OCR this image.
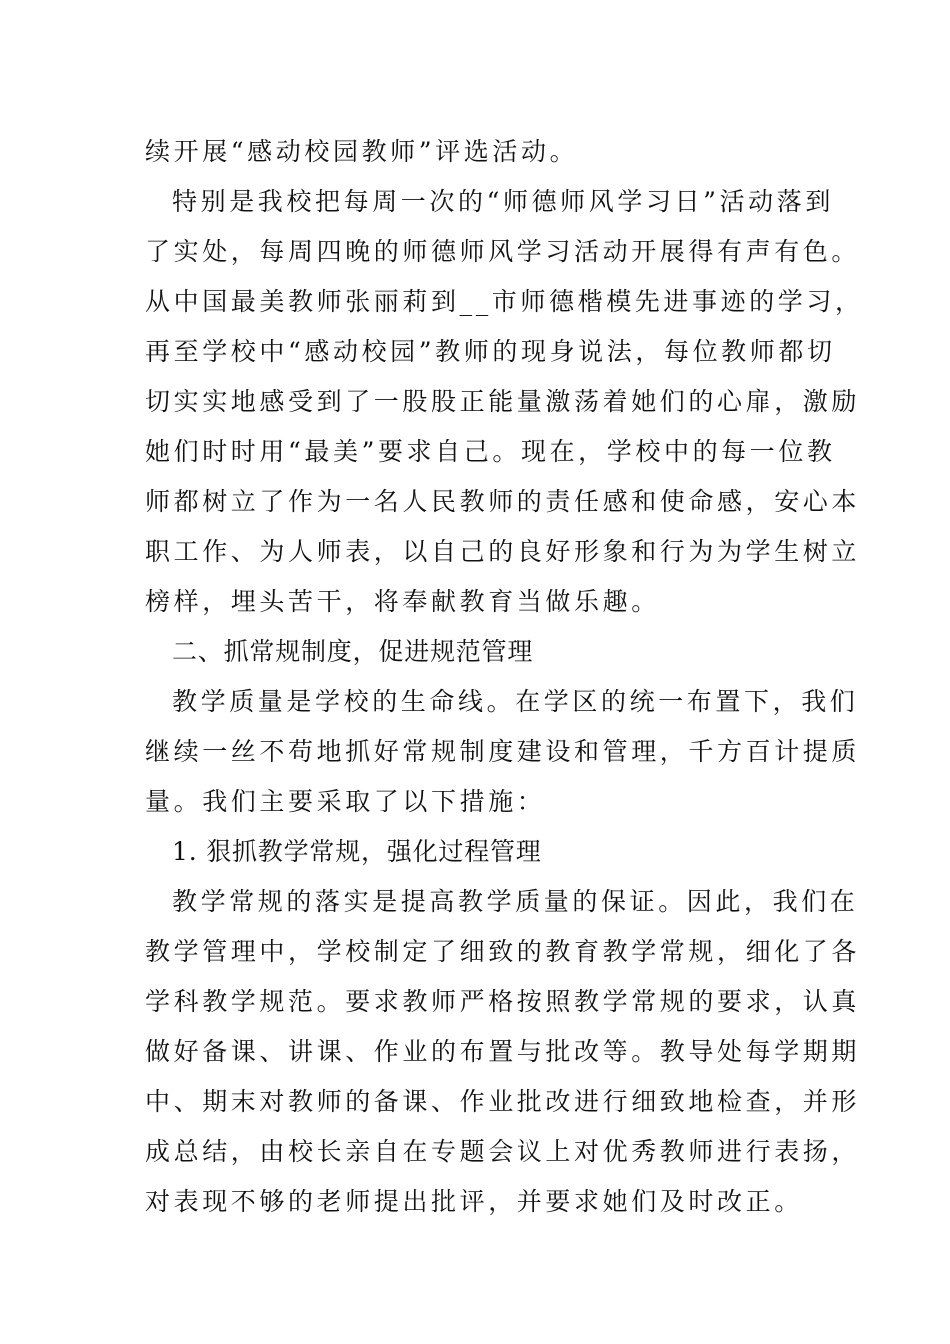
续开展“感动校园教师”评选活动。
特别是我校把每周一次的“师德师风学习日”活动落到
了实处，每周四晚的师德师风学习活动开展得有声有色。
从中国最美教师张丽莉到__市师德楷模先进事迹的学习，
再至学校中“感动校园”教师的现身说法，每位教师都切
切实实地感受到了一股股正能量激荡着她们的心扉，激励
她们时时用“最美”要求自己。现在，学校中的每一位教
师都树立了作为一名人民教师的责任感和使命感，安心本
职工作、为人师表，以自己的良好形象和行为为学生树立
榜样，埋头苦干，将奉献教育当做乐趣。
二、抓常规制度，促进规范管理
教学质量是学校的生命线。在学区的统一布置下，我们
继续一丝不苟地抓好常规制度建设和管理，千方百计提质
量。我们主要采取了以下措施：
1. 狠抓教学常规，强化过程管理
教学常规的落实是提高教学质量的保证。因此，我们在
教学管理中，学校制定了细致的教育教学常规，细化了各
学科教学规范。要求教师严格按照教学常规的要求，认真
做好备课、讲课、作业的布置与批改等。教导处每学期期
中、期末对教师的备课、作业批改进行细致地检查，并形
成总结，由校长亲自在专题会议上对优秀教师进行表扬，
对表现不够的老师提出批评，并要求她们及时改正。
